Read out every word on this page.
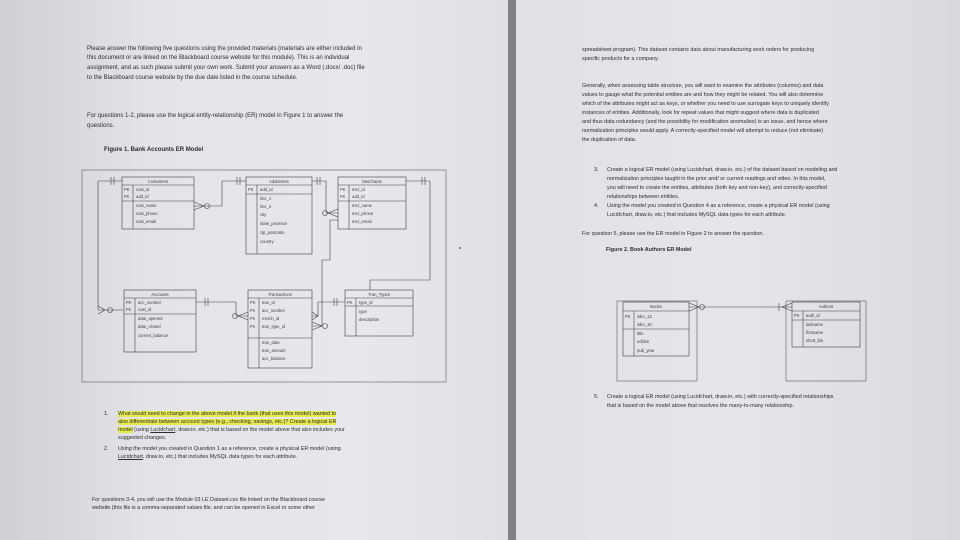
Please answer the following five questions using the provided materials (materials are either included in
this document or are linked on the Blackboard course website for this module). This is an individual
assignment, and as such please submit your own work. Submit your answers as a Word (.docx/ .doc) file
to the Blackboard course website by the due date listed in the course schedule.
For questions 1-2, please use the logical entity-relationship (ER) model in Figure 1 to answer the
questions.
Figure 1. Bank Accounts ER Model
Customers
PK
FK
cust_id
add_id
cust_name
cust_phone
cust_email
Addresses
PK add_id
line_1
line_2
city
state_province
zip_postcode
country
Merchants
PK
FK
mer_id
add_id
mer_name
mer_phone
mer_email
Accounts
PK
FK
acc_number
cust_id
date_opened
date_closed
current_balance
Transactions
PK
FK
FK
FK
tran_id
acc_number
merch_id
tran_type_id
tran_date
tran_amount
acc_balance
Tran_Types
PK type_id
type
description
1. What would need to change in the above model if the bank (that uses this model) wanted to
also differentiate between account types (e.g., checking, savings, etc.)? Create a logical ER
model (using Lucidchart, draw.io, etc.) that is based on the model above that also includes your
suggested changes.
2. Using the model you created in Question 1 as a reference, create a physical ER model (using
Lucidchart, draw.io, etc.) that includes MySQL data types for each attribute.
For questions 3-4, you will use the Module 03 LE Dataset.csv file linked on the Blackboard course
website (this file is a comma-separated values file, and can be opened in Excel or some other
spreadsheet program). This dataset contains data about manufacturing work orders for producing
specific products for a company.
Generally, when assessing table structure, you will want to examine the attributes (columns) and data
values to gauge what the potential entities are and how they might be related. You will also determine
which of the attributes might act as keys, or whether you need to use surrogate keys to uniquely identify
instances of entities. Additionally, look for repeat values that might suggest where data is duplicated
and thus data redundancy (and the possibility for modification anomalies) is an issue, and hence where
normalization principles would apply. A correctly-specified model will attempt to reduce (not eliminate)
the duplication of data.
3. Create a logical ER model (using Lucidchart, draw.io, etc.) of the dataset based on modeling and
normalization principles taught in the prior and/ or current readings and video. In this model,
you will need to create the entities, attributes (both key and non-key), and correctly-specified
relationships between entities.
4. Using the model you created in Question 4 as a reference, create a physical ER model (using
Lucidchart, draw.io, etc.) that includes MySQL data types for each attribute.
For question 5, please use the ER model in Figure 2 to answer the question.
Figure 2. Book Authors ER Model
Books
PK isbn_13
isbn_10
title
edition
pub_year
Authors
PK auth_id
lastname
firstname
short_bio
5. Create a logical ER model (using Lucidchart, draw.io, etc.) with correctly-specified relationships
that is based on the model above that resolves the many-to-many relationship.
